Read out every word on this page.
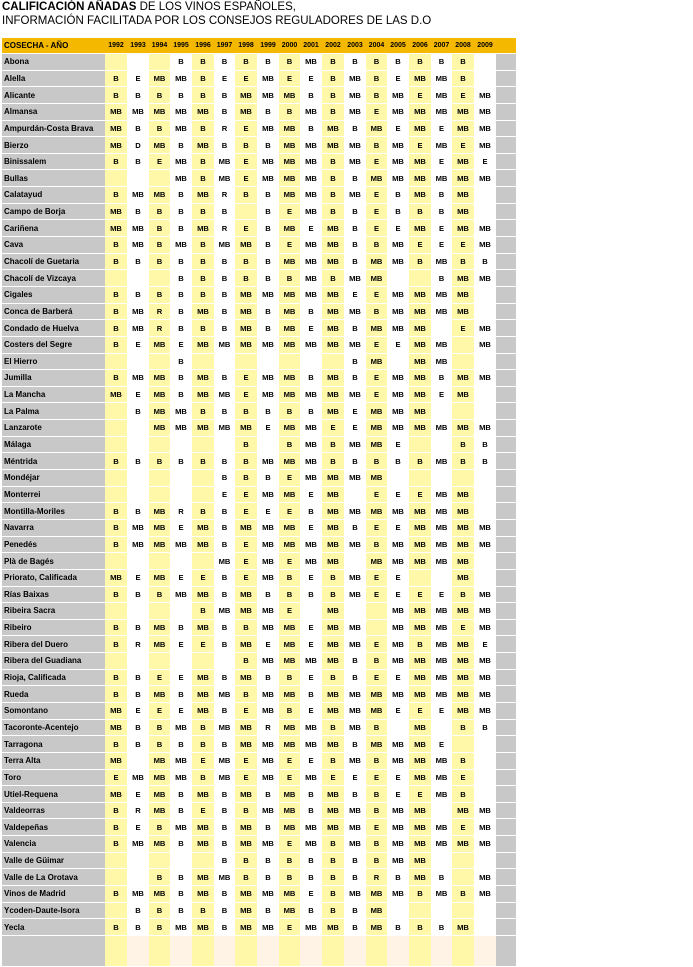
CALIFICACIÓN AÑADAS DE LOS VINOS ESPAÑOLES,
INFORMACIÓN FACILITADA POR LOS CONSEJOS REGULADORES DE LAS D.O
COSECHA - AÑO	1992	1993	1994	1995	1996	1997	1998	1999	2000	2001	2002	2003	2004	2005	2006	2007	2008	2009	
Abona				B	B	B	B	B	B	MB	B	B	B	B	B	B	B		
Alella	B	E	MB	MB	B	E	E	MB	E	E	B	MB	B	E	MB	MB	B		
Alicante	B	B	B	B	B	B	MB	MB	MB	B	B	MB	B	MB	E	MB	E	MB	
Almansa	MB	MB	MB	MB	MB	B	MB	B	B	MB	B	MB	E	MB	MB	MB	MB	MB	
Ampurdán-Costa Brava	MB	B	B	MB	B	R	E	MB	MB	B	MB	B	MB	E	MB	E	MB	MB	
Bierzo	MB	D	MB	B	MB	B	B	B	MB	MB	MB	MB	B	MB	E	MB	E	MB	
Binissalem	B	B	E	MB	B	MB	E	MB	MB	MB	B	MB	E	MB	MB	E	MB	E	
Bullas				MB	B	MB	E	MB	MB	MB	B	B	MB	MB	MB	MB	MB	MB	
Calatayud	B	MB	MB	B	MB	R	B	B	MB	MB	B	MB	E	B	MB	B	MB		
Campo de Borja	MB	B	B	B	B	B		B	E	MB	B	B	E	B	B	B	MB		
Cariñena	MB	MB	B	B	MB	R	E	B	MB	E	MB	B	E	E	MB	E	MB	MB	
Cava	B	MB	B	MB	B	MB	MB	B	E	MB	MB	B	B	MB	E	E	E	MB	
Chacolí de Guetaria	B	B	B	B	B	B	B	B	MB	MB	MB	B	MB	MB	B	MB	B	B	
Chacolí de Vizcaya				B	B	B	B	B	B	MB	B	MB	MB			B	MB	MB	
Cigales	B	B	B	B	B	B	MB	MB	MB	MB	MB	E	E	MB	MB	MB	MB		
Conca de Barberá	B	MB	R	B	MB	B	MB	B	MB	B	MB	MB	B	MB	MB	MB	MB		
Condado de Huelva	B	MB	R	B	B	B	MB	B	MB	E	MB	B	MB	MB	MB		E	MB	
Costers del Segre	B	E	MB	E	MB	MB	MB	MB	MB	MB	MB	MB	E	E	MB	MB		MB	
El Hierro				B								B	MB		MB	MB			
Jumilla	B	MB	MB	B	MB	B	E	MB	MB	B	MB	B	E	MB	MB	B	MB	MB	
La Mancha	MB	E	MB	B	MB	MB	E	MB	MB	MB	MB	MB	E	MB	MB	E	MB		
La Palma		B	MB	MB	B	B	B	B	B	B	MB	E	MB	MB	MB				
Lanzarote			MB	MB	MB	MB	MB	E	MB	MB	E	E	MB	MB	MB	MB	MB	MB	
Málaga							B		B	MB	B	MB	MB	E			B	B	
Méntrida	B	B	B	B	B	B	B	MB	MB	MB	B	B	B	B	B	MB	B	B	
Mondéjar						B	B	B	E	MB	MB	MB	MB						
Monterrei						E	E	MB	MB	E	MB		E	E	E	MB	MB		
Montilla-Moriles	B	B	MB	R	B	B	E	E	E	B	MB	MB	MB	MB	MB	MB	MB		
Navarra	B	MB	MB	E	MB	B	MB	MB	MB	E	MB	B	E	E	MB	MB	MB	MB	
Penedés	B	MB	MB	MB	MB	B	E	MB	MB	MB	MB	MB	B	MB	MB	MB	MB	MB	
Plà de Bagés						MB	E	MB	E	MB	MB		MB	MB	MB	MB	MB		
Priorato, Calificada	MB	E	MB	E	E	B	E	MB	B	E	B	MB	E	E			MB		
Rías Baixas	B	B	B	MB	MB	B	MB	B	B	B	B	MB	E	E	E	E	B	MB	
Ribeira Sacra					B	MB	MB	MB	E		MB			MB	MB	MB	MB	MB	
Ribeiro	B	B	MB	B	MB	B	B	MB	MB	E	MB	MB		MB	MB	MB	E	MB	
Ribera del Duero	B	R	MB	E	E	B	MB	E	MB	E	MB	MB	E	MB	B	MB	MB	E	
Ribera del Guadiana							B	MB	MB	MB	MB	B	B	MB	MB	MB	MB	MB	
Rioja, Calificada	B	B	E	E	MB	B	MB	B	B	E	B	B	E	E	MB	MB	MB	MB	
Rueda	B	B	MB	B	MB	MB	B	MB	MB	B	MB	MB	MB	MB	MB	MB	MB	MB	
Somontano	MB	E	E	E	MB	B	E	MB	B	E	MB	MB	MB	E	E	E	MB	MB	
Tacoronte-Acentejo	MB	B	B	MB	B	MB	MB	R	MB	MB	B	MB	B		MB		B	B	
Tarragona	B	B	B	B	B	B	MB	MB	MB	MB	MB	B	MB	MB	MB	E			
Terra Alta	MB		MB	MB	E	MB	E	MB	E	E	B	MB	B	MB	MB	MB	B		
Toro	E	MB	MB	MB	B	MB	E	MB	E	MB	E	E	E	E	MB	MB	E		
Utiel-Requena	MB	E	MB	B	MB	B	MB	B	MB	B	MB	B	B	E	E	MB	B		
Valdeorras	B	R	MB	B	E	B	B	MB	MB	B	MB	MB	B	MB	MB		MB	MB	
Valdepeñas	B	E	B	MB	MB	B	MB	B	MB	MB	MB	MB	E	MB	MB	MB	E	MB	
Valencia	B	MB	MB	B	MB	B	MB	MB	E	MB	B	MB	B	MB	MB	MB	MB	MB	
Valle de Güimar						B	B	B	B	B	B	B	B	MB	MB				
Valle de La Orotava			B	B	MB	MB	B	B	B	B	B	B	R	B	MB	B		MB	
Vinos de Madrid	B	MB	MB	B	MB	B	MB	MB	MB	E	B	MB	MB	MB	B	MB	B	MB	
Ycoden-Daute-Isora		B	B	B	B	B	MB	B	MB	B	B	B	MB						
Yecla	B	B	B	MB	MB	B	MB	MB	E	MB	MB	B	MB	B	B	B	MB		
